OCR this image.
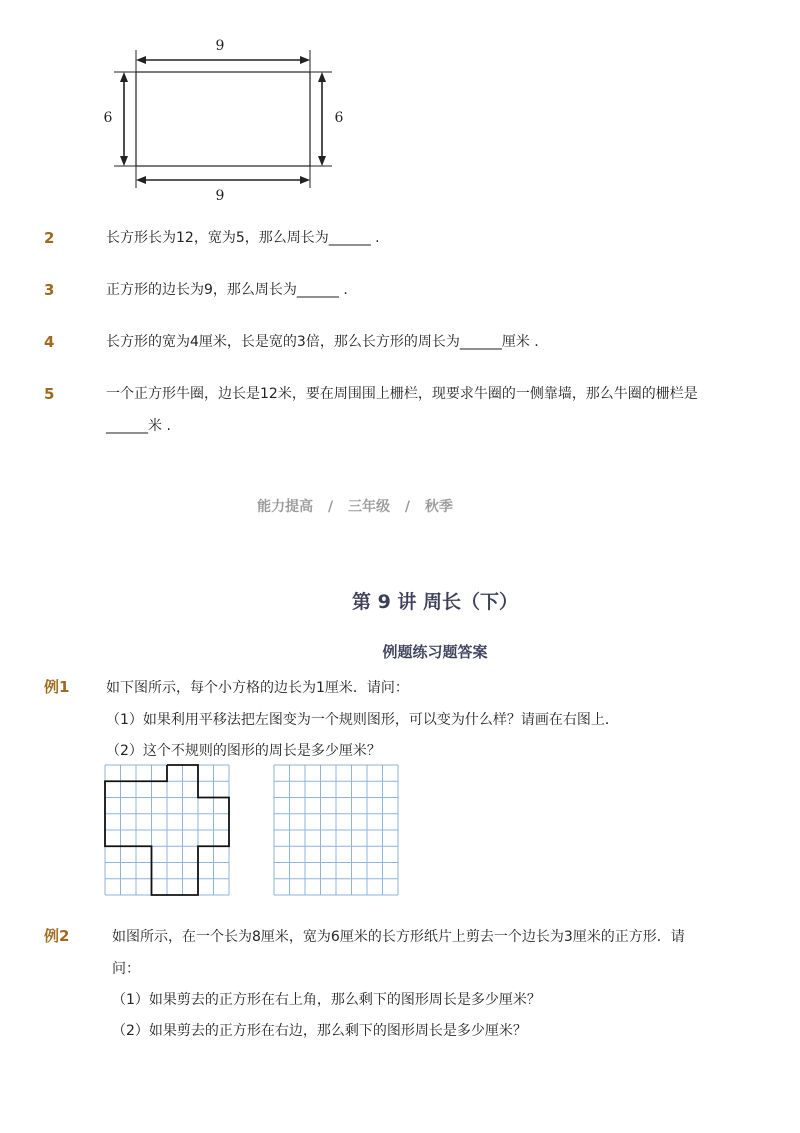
9
9
6	6
2	长方形长为12，宽为5，那么周长为______ .
3	正方形的边长为9，那么周长为______ .
4	长方形的宽为4厘米，长是宽的3倍，那么长方形的周长为______厘米 .
5	一个正方形牛圈，边长是12米，要在周围围上栅栏，现要求牛圈的一侧靠墙，那么牛圈的栅栏是
______米 .
能力提高 / 三年级 / 秋季
第 9 讲 周长（下）
例题练习题答案
例1	如下图所示，每个小方格的边长为1厘米．请问：
（1）如果利用平移法把左图变为一个规则图形，可以变为什么样？请画在右图上．
（2）这个不规则的图形的周长是多少厘米？
例2	如图所示，在一个长为8厘米，宽为6厘米的长方形纸片上剪去一个边长为3厘米的正方形．请
问：
（1）如果剪去的正方形在右上角，那么剩下的图形周长是多少厘米？
（2）如果剪去的正方形在右边，那么剩下的图形周长是多少厘米？
